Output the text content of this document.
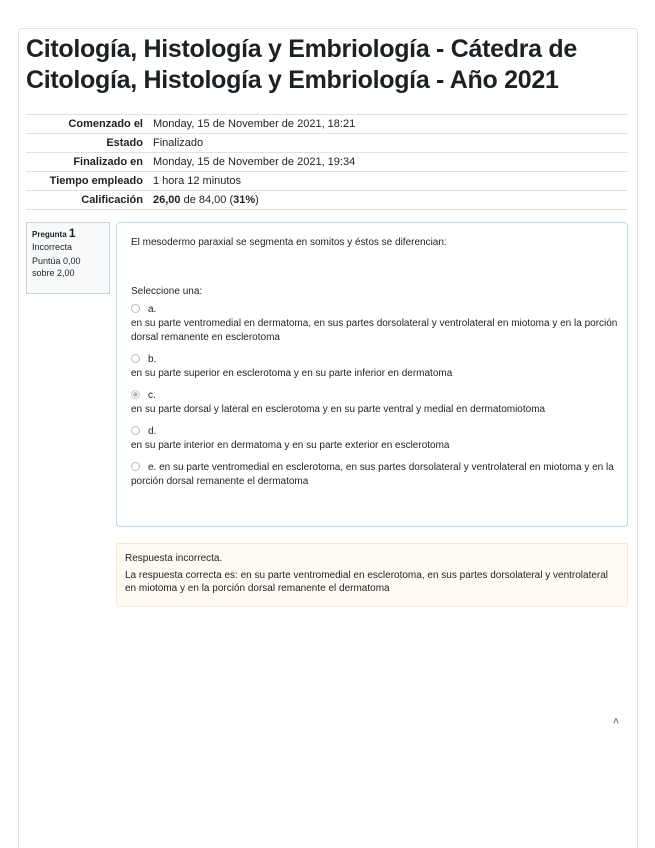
Citología, Histología y Embriología - Cátedra de Citología, Histología y Embriología - Año 2021
Comenzado el	Monday, 15 de November de 2021, 18:21
Estado	Finalizado
Finalizado en	Monday, 15 de November de 2021, 19:34
Tiempo empleado	1 hora 12 minutos
Calificación	26,00 de 84,00 (31%)
Pregunta 1
Incorrecta
Puntúa 0,00 sobre 2,00
El mesodermo paraxial se segmenta en somitos y éstos se diferencian:
Seleccione una:
a.
en su parte ventromedial en dermatoma, en sus partes dorsolateral y ventrolateral en miotoma y en la porción dorsal remanente en esclerotoma
b.
en su parte superior en esclerotoma y en su parte inferior en dermatoma
c.
en su parte dorsal y lateral en esclerotoma y en su parte ventral y medial en dermatomiotoma
d.
en su parte interior en dermatoma y en su parte exterior en esclerotoma
e. en su parte ventromedial en esclerotoma, en sus partes dorsolateral y ventrolateral en miotoma y en la porción dorsal remanente el dermatoma
Respuesta incorrecta.
La respuesta correcta es: en su parte ventromedial en esclerotoma, en sus partes dorsolateral y ventrolateral en miotoma y en la porción dorsal remanente el dermatoma
˄
